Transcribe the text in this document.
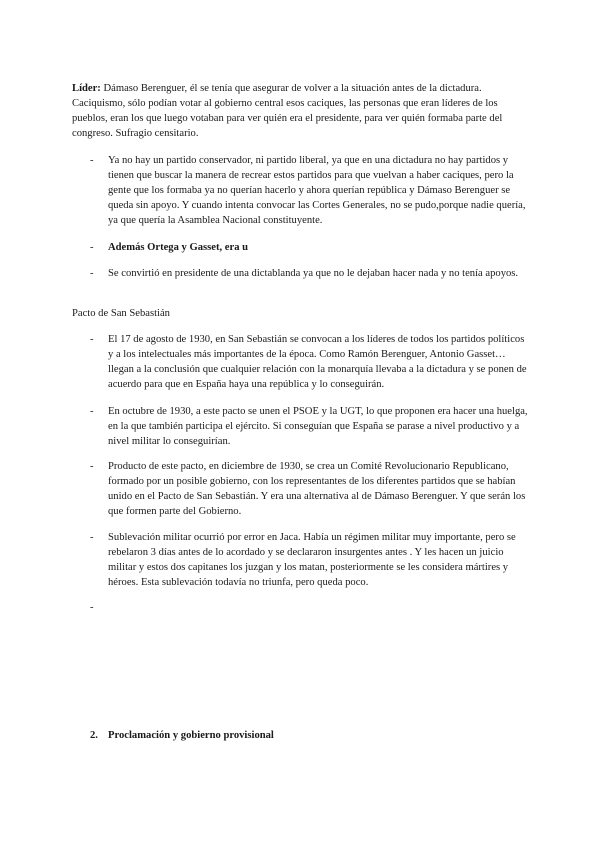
Líder: Dámaso Berenguer, él se tenía que asegurar de volver a la situación antes de la dictadura. Caciquismo, sólo podían votar al gobierno central esos caciques, las personas que eran líderes de los pueblos, eran los que luego votaban para ver quién era el presidente, para ver quién formaba parte del congreso. Sufragio censitario.

- Ya no hay un partido conservador, ni partido liberal, ya que en una dictadura no hay partidos y tienen que buscar la manera de recrear estos partidos para que vuelvan a haber caciques, pero la gente que los formaba ya no querían hacerlo y ahora querían república y Dámaso Berenguer se queda sin apoyo. Y cuando intenta convocar las Cortes Generales, no se pudo,porque nadie quería, ya que quería la Asamblea Nacional constituyente.
- Además Ortega y Gasset, era u
- Se convirtió en presidente de una dictablanda ya que no le dejaban hacer nada y no tenía apoyos.

Pacto de San Sebastián

- El 17 de agosto de 1930, en San Sebastián se convocan a los líderes de todos los partidos políticos y a los intelectuales más importantes de la época. Como Ramón Berenguer, Antonio Gasset… llegan a la conclusión que cualquier relación con la monarquía llevaba a la dictadura y se ponen de acuerdo para que en España haya una república y lo conseguirán.
- En octubre de 1930, a este pacto se unen el PSOE y la UGT, lo que proponen era hacer una huelga, en la que también participa el ejército. Si conseguían que España se parase a nivel productivo y a nivel militar lo conseguirían.
- Producto de este pacto, en diciembre de 1930, se crea un Comité Revolucionario Republicano, formado por un posible gobierno, con los representantes de los diferentes partidos que se habían unido en el Pacto de San Sebastián. Y era una alternativa al de Dámaso Berenguer. Y que serán los que formen parte del Gobierno.
- Sublevación militar ocurrió por error en Jaca. Había un régimen militar muy importante, pero se rebelaron 3 días antes de lo acordado y se declararon insurgentes antes . Y les hacen un juicio militar y estos dos capitanes los juzgan y los matan, posteriormente se les considera mártires y héroes. Esta sublevación todavía no triunfa, pero queda poco.
-
2. Proclamación y gobierno provisional
